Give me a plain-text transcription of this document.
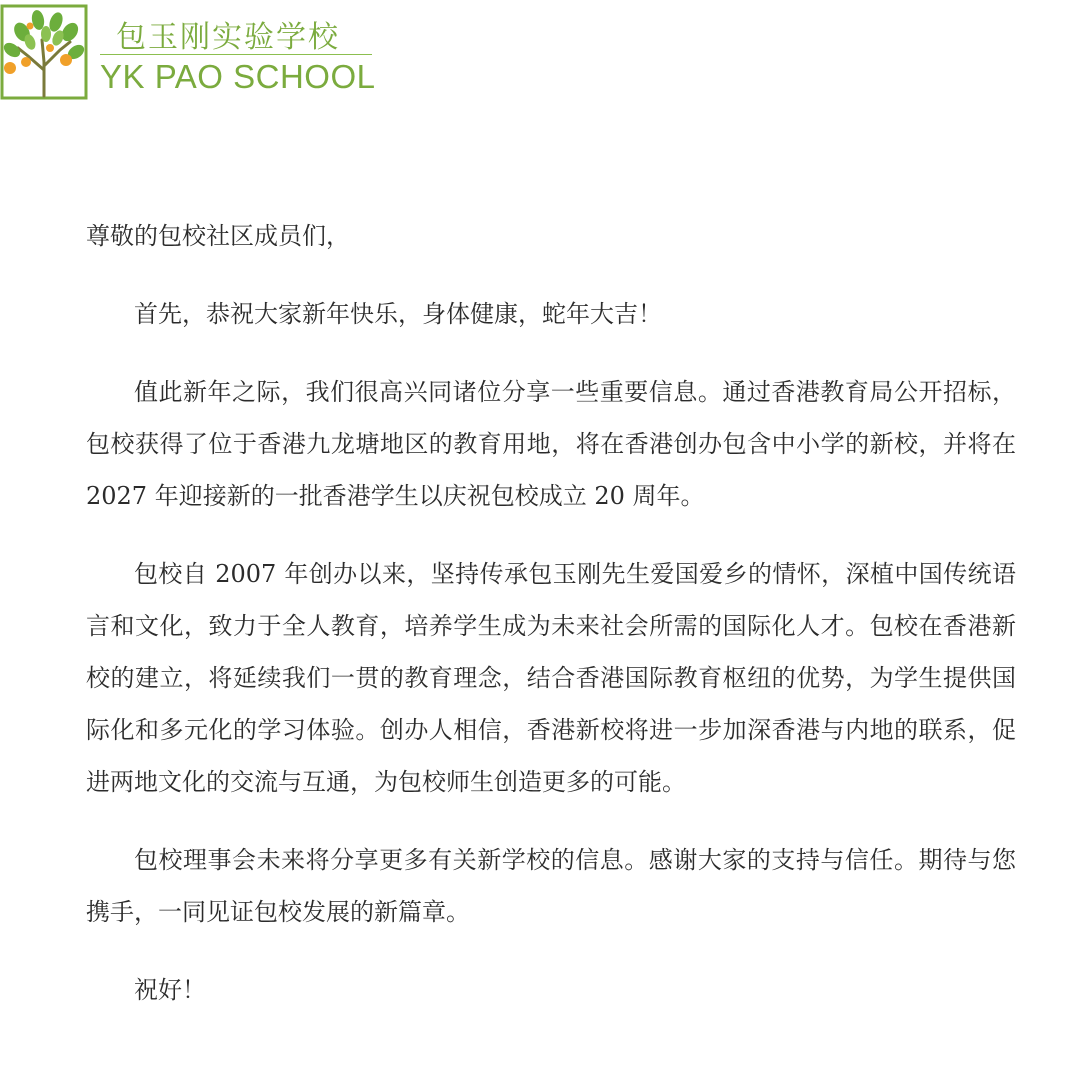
包玉刚实验学校
YK PAO SCHOOL

尊敬的包校社区成员们，

首先，恭祝大家新年快乐，身体健康，蛇年大吉！

值此新年之际，我们很高兴同诸位分享一些重要信息。通过香港教育局公开招标，包校获得了位于香港九龙塘地区的教育用地，将在香港创办包含中小学的新校，并将在 2027 年迎接新的一批香港学生以庆祝包校成立 20 周年。

包校自 2007 年创办以来，坚持传承包玉刚先生爱国爱乡的情怀，深植中国传统语言和文化，致力于全人教育，培养学生成为未来社会所需的国际化人才。包校在香港新校的建立，将延续我们一贯的教育理念，结合香港国际教育枢纽的优势，为学生提供国际化和多元化的学习体验。创办人相信，香港新校将进一步加深香港与内地的联系，促进两地文化的交流与互通，为包校师生创造更多的可能。

包校理事会未来将分享更多有关新学校的信息。感谢大家的支持与信任。期待与您携手，一同见证包校发展的新篇章。

祝好！
